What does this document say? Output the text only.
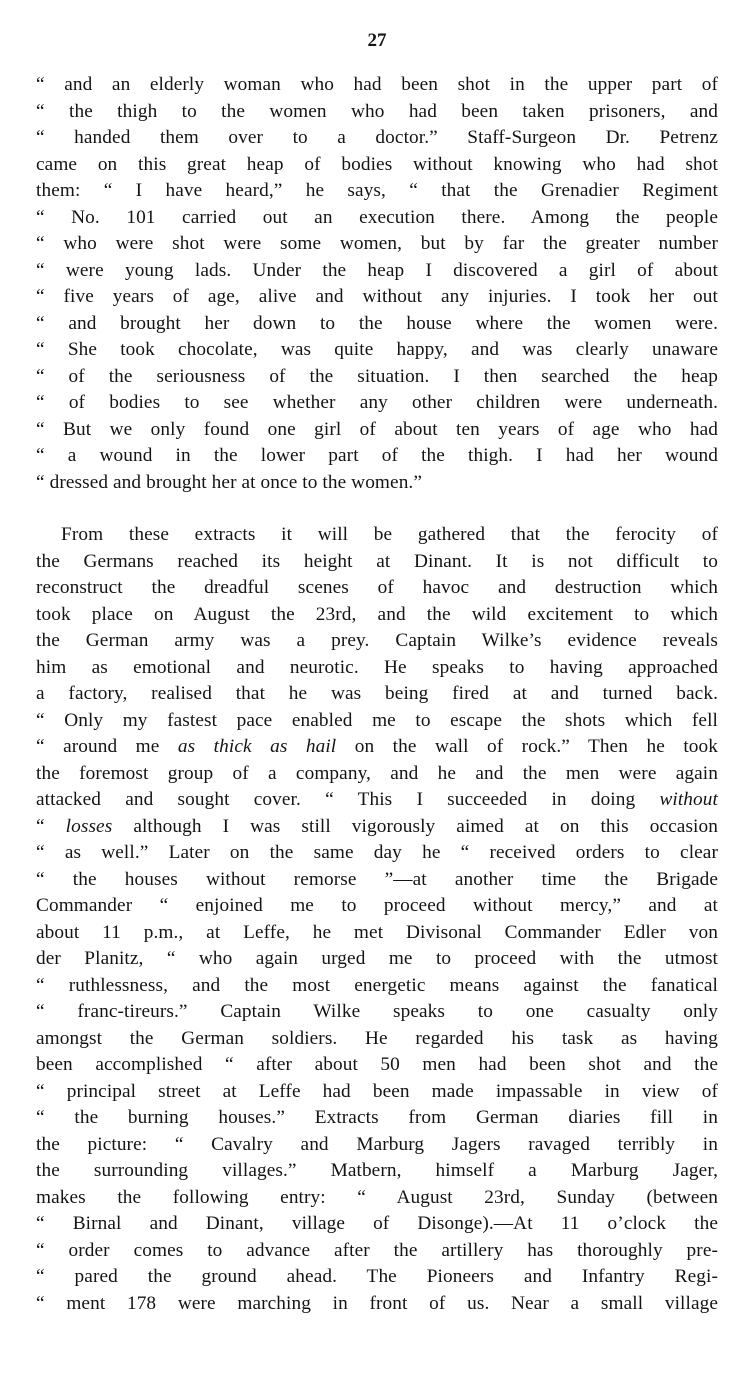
27
“ and an elderly woman who had been shot in the upper part of
“ the thigh to the women who had been taken prisoners, and
“ handed them over to a doctor.” Staff-Surgeon Dr. Petrenz
came on this great heap of bodies without knowing who had shot
them: “ I have heard,” he says, “ that the Grenadier Regiment
“ No. 101 carried out an execution there. Among the people
“ who were shot were some women, but by far the greater number
“ were young lads. Under the heap I discovered a girl of about
“ five years of age, alive and without any injuries. I took her out
“ and brought her down to the house where the women were.
“ She took chocolate, was quite happy, and was clearly unaware
“ of the seriousness of the situation. I then searched the heap
“ of bodies to see whether any other children were underneath.
“ But we only found one girl of about ten years of age who had
“ a wound in the lower part of the thigh. I had her wound
“ dressed and brought her at once to the women.”
From these extracts it will be gathered that the ferocity of
the Germans reached its height at Dinant. It is not difficult to
reconstruct the dreadful scenes of havoc and destruction which
took place on August the 23rd, and the wild excitement to which
the German army was a prey. Captain Wilke’s evidence reveals
him as emotional and neurotic. He speaks to having approached
a factory, realised that he was being fired at and turned back.
“ Only my fastest pace enabled me to escape the shots which fell
“ around me as thick as hail on the wall of rock.” Then he took
the foremost group of a company, and he and the men were again
attacked and sought cover. “ This I succeeded in doing without
“ losses although I was still vigorously aimed at on this occasion
“ as well.” Later on the same day he “ received orders to clear
“ the houses without remorse ”—at another time the Brigade
Commander “ enjoined me to proceed without mercy,” and at
about 11 p.m., at Leffe, he met Divisonal Commander Edler von
der Planitz, “ who again urged me to proceed with the utmost
“ ruthlessness, and the most energetic means against the fanatical
“ franc-tireurs.” Captain Wilke speaks to one casualty only
amongst the German soldiers. He regarded his task as having
been accomplished “ after about 50 men had been shot and the
“ principal street at Leffe had been made impassable in view of
“ the burning houses.” Extracts from German diaries fill in
the picture: “ Cavalry and Marburg Jagers ravaged terribly in
the surrounding villages.” Matbern, himself a Marburg Jager,
makes the following entry: “ August 23rd, Sunday (between
“ Birnal and Dinant, village of Disonge).—At 11 o’clock the
“ order comes to advance after the artillery has thoroughly pre-
“ pared the ground ahead. The Pioneers and Infantry Regi-
“ ment 178 were marching in front of us. Near a small village
